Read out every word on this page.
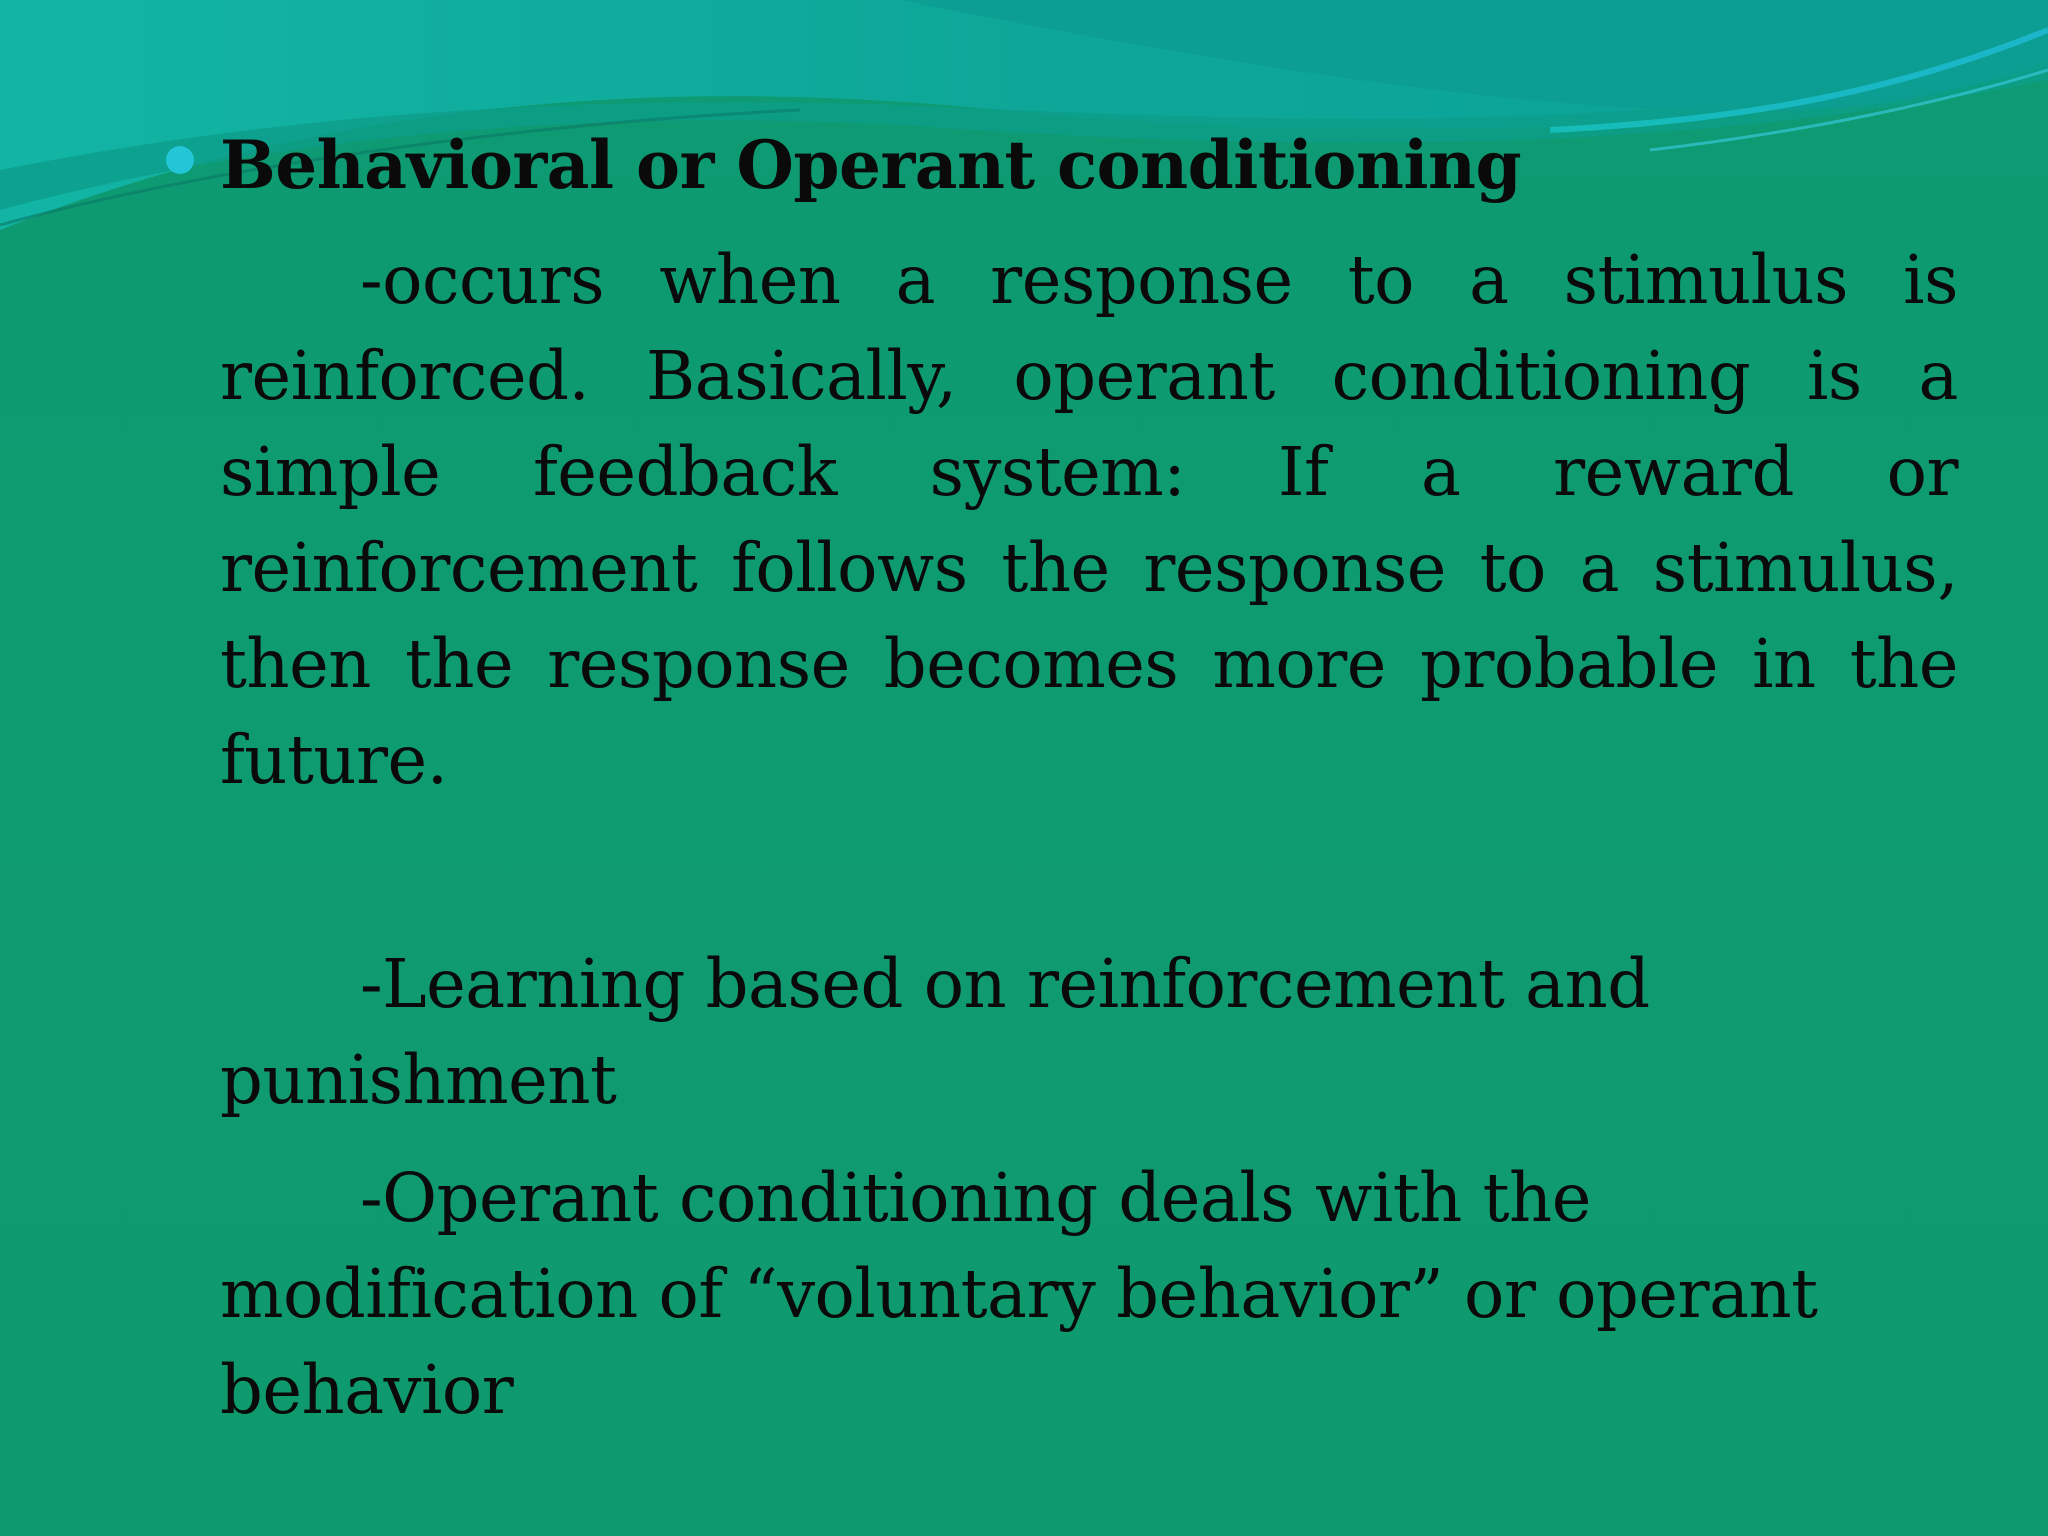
Behavioral or Operant conditioning

-occurs when a response to a stimulus is reinforced. Basically, operant conditioning is a simple feedback system: If a reward or reinforcement follows the response to a stimulus, then the response becomes more probable in the future.

-Learning based on reinforcement and punishment

-Operant conditioning deals with the modification of “voluntary behavior” or operant behavior
